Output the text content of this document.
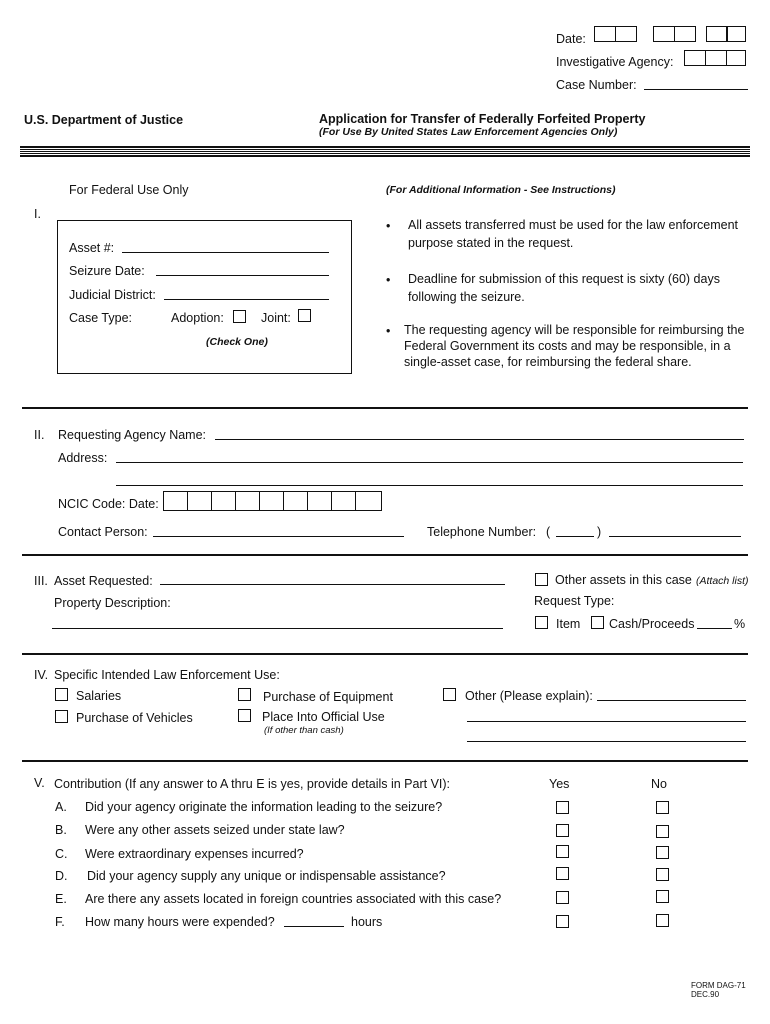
Date:
Investigative Agency:
Case Number:
U.S. Department of Justice	Application for Transfer of Federally Forfeited Property
(For Use By United States Law Enforcement Agencies Only)
For Federal Use Only
I.
Asset #:
Seizure Date:
Judicial District:
Case Type:	Adoption:	Joint:
(Check One)
(For Additional Information - See Instructions)
• All assets transferred must be used for the law enforcement
purpose stated in the request.
• Deadline for submission of this request is sixty (60) days
following the seizure.
• The requesting agency will be responsible for reimbursing the
Federal Government its costs and may be responsible, in a
single-asset case, for reimbursing the federal share.
II. Requesting Agency Name:
Address:
NCIC Code: Date:
Contact Person:	Telephone Number: (	)
III. Asset Requested:
Property Description:
Other assets in this case (Attach list)
Request Type:
Item Cash/Proceeds	%
IV. Specific Intended Law Enforcement Use:
Salaries
Purchase of Vehicles
Purchase of Equipment
Place Into Official Use
(If other than cash)
Other (Please explain):
V. Contribution (If any answer to A thru E is yes, provide details in Part VI):	Yes	No
A. Did your agency originate the information leading to the seizure?
B. Were any other assets seized under state law?
C. Were extraordinary expenses incurred?
D. Did your agency supply any unique or indispensable assistance?
E. Are there any assets located in foreign countries associated with this case?
F. How many hours were expended?	hours
FORM DAG-71
DEC.90
